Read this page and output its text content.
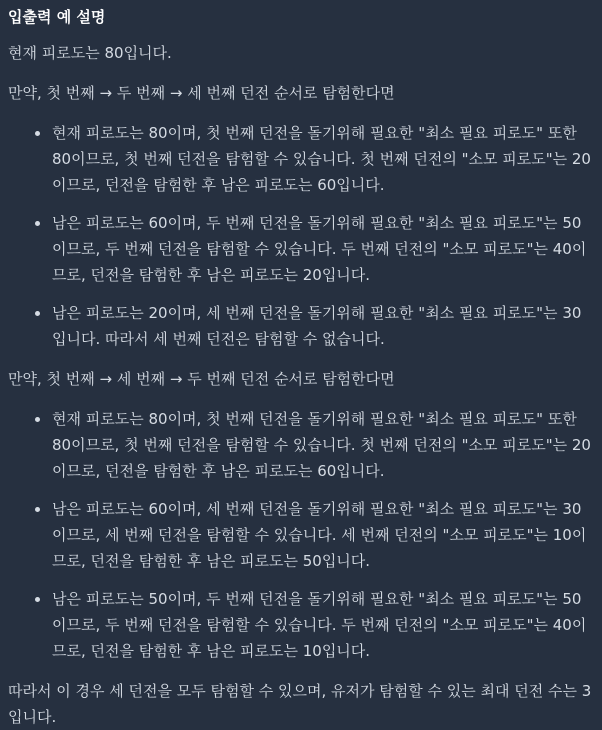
입출력 예 설명

현재 피로도는 80입니다.

만약, 첫 번째 → 두 번째 → 세 번째 던전 순서로 탐험한다면

현재 피로도는 80이며, 첫 번째 던전을 돌기위해 필요한 "최소 필요 피로도" 또한 80이므로, 첫 번째 던전을 탐험할 수 있습니다. 첫 번째 던전의 "소모 피로도"는 20이므로, 던전을 탐험한 후 남은 피로도는 60입니다.
남은 피로도는 60이며, 두 번째 던전을 돌기위해 필요한 "최소 필요 피로도"는 50이므로, 두 번째 던전을 탐험할 수 있습니다. 두 번째 던전의 "소모 피로도"는 40이므로, 던전을 탐험한 후 남은 피로도는 20입니다.
남은 피로도는 20이며, 세 번째 던전을 돌기위해 필요한 "최소 필요 피로도"는 30입니다. 따라서 세 번째 던전은 탐험할 수 없습니다.

만약, 첫 번째 → 세 번째 → 두 번째 던전 순서로 탐험한다면

현재 피로도는 80이며, 첫 번째 던전을 돌기위해 필요한 "최소 필요 피로도" 또한 80이므로, 첫 번째 던전을 탐험할 수 있습니다. 첫 번째 던전의 "소모 피로도"는 20이므로, 던전을 탐험한 후 남은 피로도는 60입니다.
남은 피로도는 60이며, 세 번째 던전을 돌기위해 필요한 "최소 필요 피로도"는 30이므로, 세 번째 던전을 탐험할 수 있습니다. 세 번째 던전의 "소모 피로도"는 10이므로, 던전을 탐험한 후 남은 피로도는 50입니다.
남은 피로도는 50이며, 두 번째 던전을 돌기위해 필요한 "최소 필요 피로도"는 50이므로, 두 번째 던전을 탐험할 수 있습니다. 두 번째 던전의 "소모 피로도"는 40이므로, 던전을 탐험한 후 남은 피로도는 10입니다.

따라서 이 경우 세 던전을 모두 탐험할 수 있으며, 유저가 탐험할 수 있는 최대 던전 수는 3입니다.
